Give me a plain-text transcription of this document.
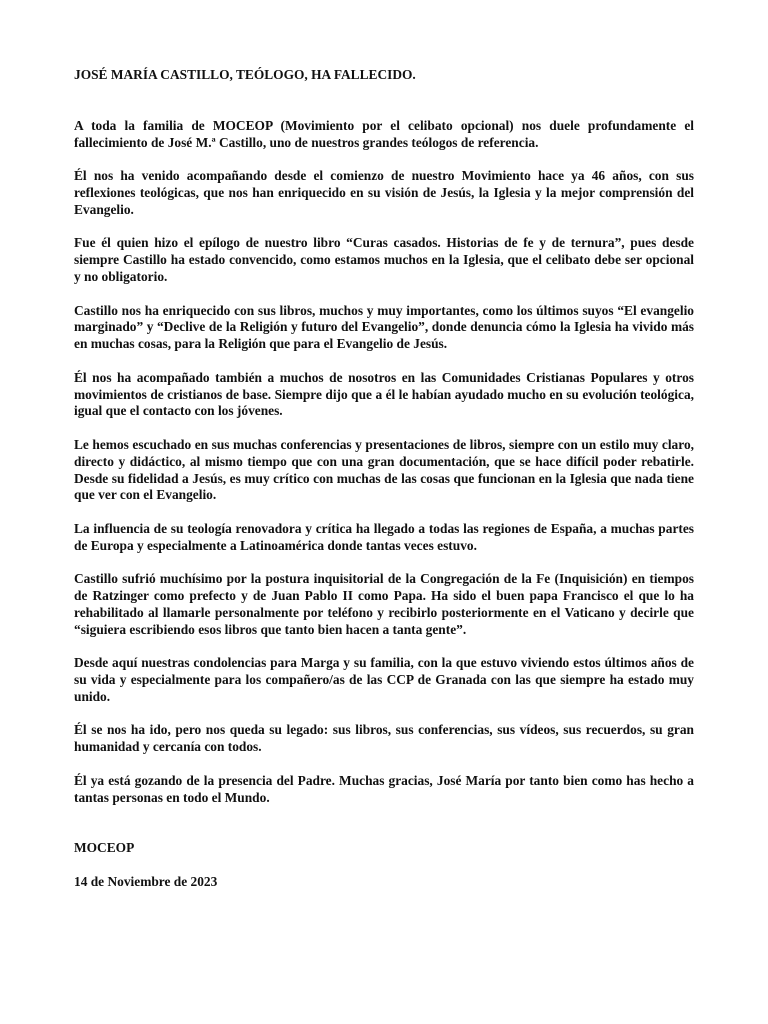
JOSÉ MARÍA CASTILLO, TEÓLOGO, HA FALLECIDO.

A toda la familia de MOCEOP (Movimiento por el celibato opcional) nos duele profundamente el fallecimiento de José M.ª Castillo, uno de nuestros grandes teólogos de referencia.

Él nos ha venido acompañando desde el comienzo de nuestro Movimiento hace ya 46 años, con sus reflexiones teológicas, que nos han enriquecido en su visión de Jesús, la Iglesia y la mejor comprensión del Evangelio.

Fue él quien hizo el epílogo de nuestro libro “Curas casados. Historias de fe y de ternura”, pues desde siempre Castillo ha estado convencido, como estamos muchos en la Iglesia, que el celibato debe ser opcional y no obligatorio.

Castillo nos ha enriquecido con sus libros, muchos y muy importantes, como los últimos suyos “El evangelio marginado” y “Declive de la Religión y futuro del Evangelio”, donde denuncia cómo la Iglesia ha vivido más en muchas cosas, para la Religión que para el Evangelio de Jesús.

Él nos ha acompañado también a muchos de nosotros en las Comunidades Cristianas Populares y otros movimientos de cristianos de base. Siempre dijo que a él le habían ayudado mucho en su evolución teológica, igual que el contacto con los jóvenes.

Le hemos escuchado en sus muchas conferencias y presentaciones de libros, siempre con un estilo muy claro, directo y didáctico, al mismo tiempo que con una gran documentación, que se hace difícil poder rebatirle. Desde su fidelidad a Jesús, es muy crítico con muchas de las cosas que funcionan en la Iglesia que nada tiene que ver con el Evangelio.

La influencia de su teología renovadora y crítica ha llegado a todas las regiones de España, a muchas partes de Europa y especialmente a Latinoamérica donde tantas veces estuvo.

Castillo sufrió muchísimo por la postura inquisitorial de la Congregación de la Fe (Inquisición) en tiempos de Ratzinger como prefecto y de Juan Pablo II como Papa. Ha sido el buen papa Francisco el que lo ha rehabilitado al llamarle personalmente por teléfono y recibirlo posteriormente en el Vaticano y decirle que “siguiera escribiendo esos libros que tanto bien hacen a tanta gente”.

Desde aquí nuestras condolencias para Marga y su familia, con la que estuvo viviendo estos últimos años de su vida y especialmente para los compañero/as de las CCP de Granada con las que siempre ha estado muy unido.

Él se nos ha ido, pero nos queda su legado: sus libros, sus conferencias, sus vídeos, sus recuerdos, su gran humanidad y cercanía con todos.

Él ya está gozando de la presencia del Padre. Muchas gracias, José María por tanto bien como has hecho a tantas personas en todo el Mundo.

MOCEOP

14 de Noviembre de 2023
